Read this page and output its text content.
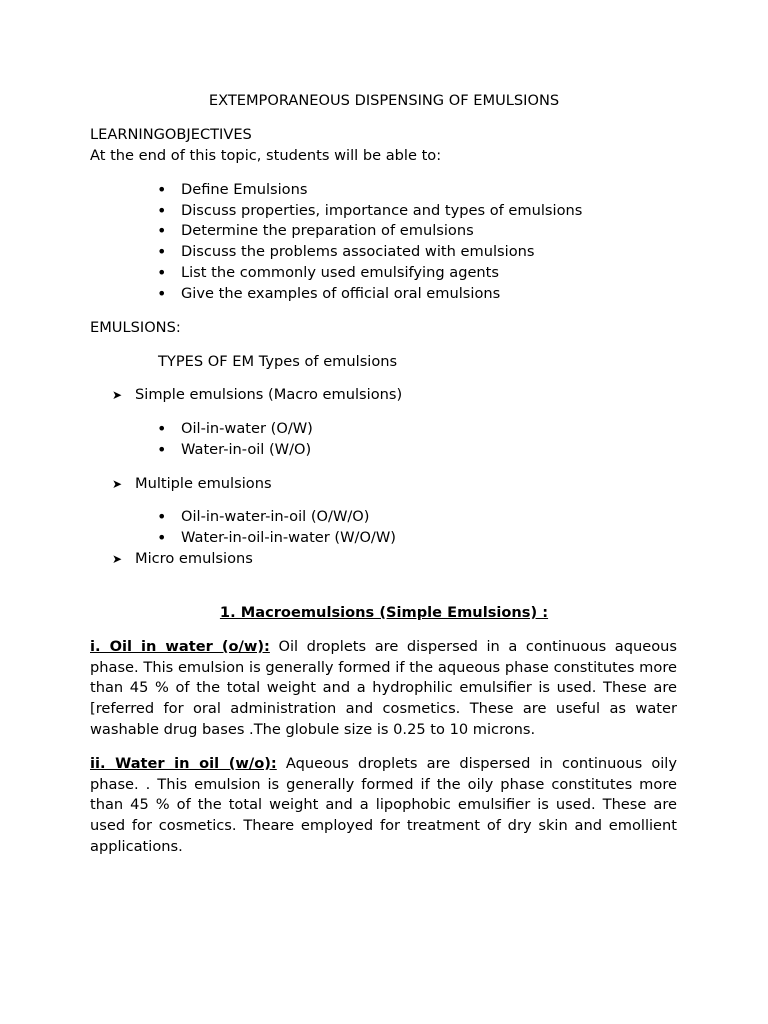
EXTEMPORANEOUS DISPENSING OF EMULSIONS
LEARNINGOBJECTIVES
At the end of this topic, students will be able to:
• Define Emulsions
• Discuss properties, importance and types of emulsions
• Determine the preparation of emulsions
• Discuss the problems associated with emulsions
• List the commonly used emulsifying agents
• Give the examples of official oral emulsions
EMULSIONS:
TYPES OF EM Types of emulsions
➤ Simple emulsions (Macro emulsions)
• Oil-in-water (O/W)
• Water-in-oil (W/O)
➤ Multiple emulsions
• Oil-in-water-in-oil (O/W/O)
• Water-in-oil-in-water (W/O/W)
➤ Micro emulsions
1. Macroemulsions (Simple Emulsions) :

i. Oil in water (o/w): Oil droplets are dispersed in a continuous aqueous phase. This emulsion is generally formed if the aqueous phase constitutes more than 45 % of the total weight and a hydrophilic emulsifier is used. These are [referred for oral administration and cosmetics. These are useful as water washable drug bases .The globule size is 0.25 to 10 microns.

ii. Water in oil (w/o): Aqueous droplets are dispersed in continuous oily phase. . This emulsion is generally formed if the oily phase constitutes more than 45 % of the total weight and a lipophobic emulsifier is used. These are used for cosmetics. Theare employed for treatment of dry skin and emollient applications.
